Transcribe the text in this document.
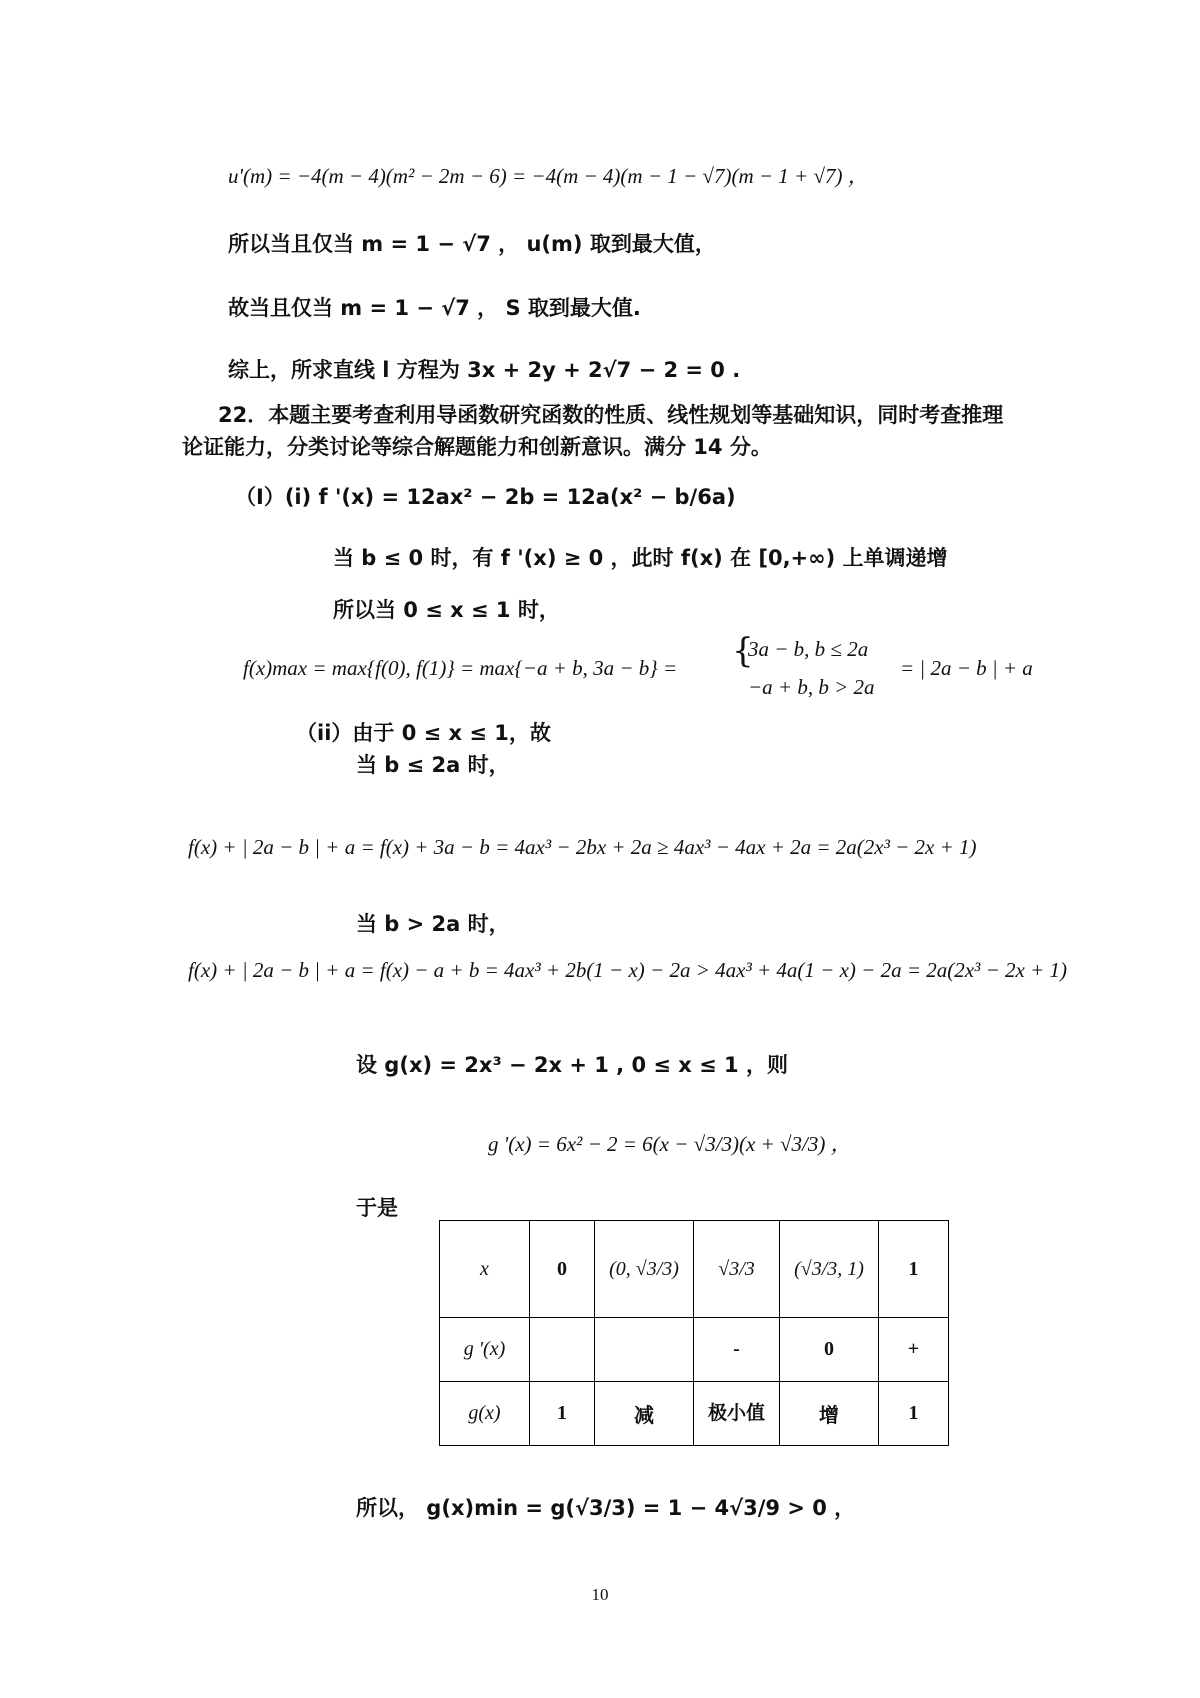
u'(m) = −4(m − 4)(m² − 2m − 6) = −4(m − 4)(m − 1 − √7)(m − 1 + √7) ，
所以当且仅当 m = 1 − √7 ， u(m) 取到最大值，
故当且仅当 m = 1 − √7 ， S 取到最大值.
综上，所求直线 l 方程为 3x + 2y + 2√7 − 2 = 0 .
22．本题主要考查利用导函数研究函数的性质、线性规划等基础知识，同时考查推理
论证能力，分类讨论等综合解题能力和创新意识。满分 14 分。
（Ⅰ）(i) f '(x) = 12ax² − 2b = 12a(x² − b/6a)
当 b ≤ 0 时，有 f '(x) ≥ 0 ，此时 f(x) 在 [0,+∞) 上单调递增
所以当 0 ≤ x ≤ 1 时，
f(x)max = max{f(0), f(1)} = max{−a + b, 3a − b} = {
3a − b, b ≤ 2a
−a + b, b > 2a
= | 2a − b | + a
（ii）由于 0 ≤ x ≤ 1，故
当 b ≤ 2a 时，
f(x) + | 2a − b | + a = f(x) + 3a − b = 4ax³ − 2bx + 2a ≥ 4ax³ − 4ax + 2a = 2a(2x³ − 2x + 1)
当 b > 2a 时，
f(x) + | 2a − b | + a = f(x) − a + b = 4ax³ + 2b(1 − x) − 2a > 4ax³ + 4a(1 − x) − 2a = 2a(2x³ − 2x + 1)
设 g(x) = 2x³ − 2x + 1 , 0 ≤ x ≤ 1 ，则
g '(x) = 6x² − 2 = 6(x − √3/3)(x + √3/3) ，
于是
x	0	(0, √3/3)	√3/3	(√3/3, 1)	1
g '(x)			-	0	+
g(x)	1	减	极小值	增	1
所以， g(x)min = g(√3/3) = 1 − 4√3/9 > 0 ，
10
